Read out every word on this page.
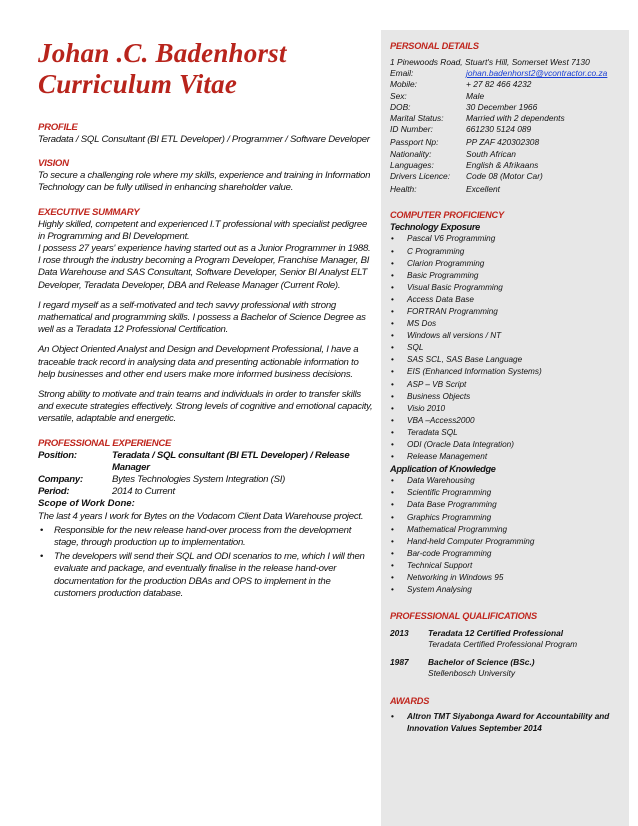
Johan .C. Badenhorst
Curriculum Vitae
PROFILE
Teradata / SQL Consultant (BI ETL Developer) / Programmer / Software Developer
VISION
To secure a challenging role where my skills, experience and training in Information Technology can be fully utilised in enhancing shareholder value.
EXECUTIVE SUMMARY
Highly skilled, competent and experienced I.T professional with specialist pedigree in Programming and BI Development.
I possess 27 years' experience having started out as a Junior Programmer in 1988. I rose through the industry becoming a Program Developer, Franchise Manager, BI Data Warehouse and SAS Consultant, Software Developer, Senior BI Analyst ELT Developer, Teradata Developer, DBA and Release Manager (Current Role).
I regard myself as a self-motivated and tech savvy professional with strong mathematical and programming skills. I possess a Bachelor of Science Degree as well as a Teradata 12 Professional Certification.
An Object Oriented Analyst and Design and Development Professional, I have a traceable track record in analysing data and presenting actionable information to help businesses and other end users make more informed business decisions.
Strong ability to motivate and train teams and individuals in order to transfer skills and execute strategies effectively. Strong levels of cognitive and emotional capacity, versatile, adaptable and energetic.
PROFESSIONAL EXPERIENCE
Position:	Teradata / SQL consultant (BI ETL Developer) / Release Manager
Company:	Bytes Technologies System Integration (SI)
Period:	2014 to Current
Scope of Work Done:
The last 4 years I work for Bytes on the Vodacom Client Data Warehouse project.
• Responsible for the new release hand-over process from the development stage, through production up to implementation.
• The developers will send their SQL and ODI scenarios to me, which I will then evaluate and package, and eventually finalise in the release hand-over documentation for the production DBAs and OPS to implement in the customers production database.
PERSONAL DETAILS
1 Pinewoods Road, Stuart's Hill, Somerset West 7130
Email:	johan.badenhorst2@vcontractor.co.za
Mobile:	+ 27 82 466 4232
Sex:	Male
DOB:	30 December 1966
Marital Status:	Married with 2 dependents
ID Number:	661230 5124 089
Passport Np:	PP ZAF 420302308
Nationality:	South African
Languages:	English & Afrikaans
Drivers Licence:	Code 08 (Motor Car)
Health:	Excellent
COMPUTER PROFICIENCY
Technology Exposure
• Pascal V6 Programming
• C Programming
• Clarion Programming
• Basic Programming
• Visual Basic Programming
• Access Data Base
• FORTRAN Programming
• MS Dos
• Windows all versions / NT
• SQL
• SAS SCL, SAS Base Language
• EIS (Enhanced Information Systems)
• ASP – VB Script
• Business Objects
• Visio 2010
• VBA –Access2000
• Teradata SQL
• ODI (Oracle Data Integration)
• Release Management
Application of Knowledge
• Data Warehousing
• Scientific Programming
• Data Base Programming
• Graphics Programming
• Mathematical Programming
• Hand-held Computer Programming
• Bar-code Programming
• Technical Support
• Networking in Windows 95
• System Analysing
PROFESSIONAL QUALIFICATIONS
2013	Teradata 12 Certified Professional
Teradata Certified Professional Program
1987	Bachelor of Science (BSc.)
Stellenbosch University
AWARDS
• Altron TMT Siyabonga Award for Accountability and Innovation Values September 2014
